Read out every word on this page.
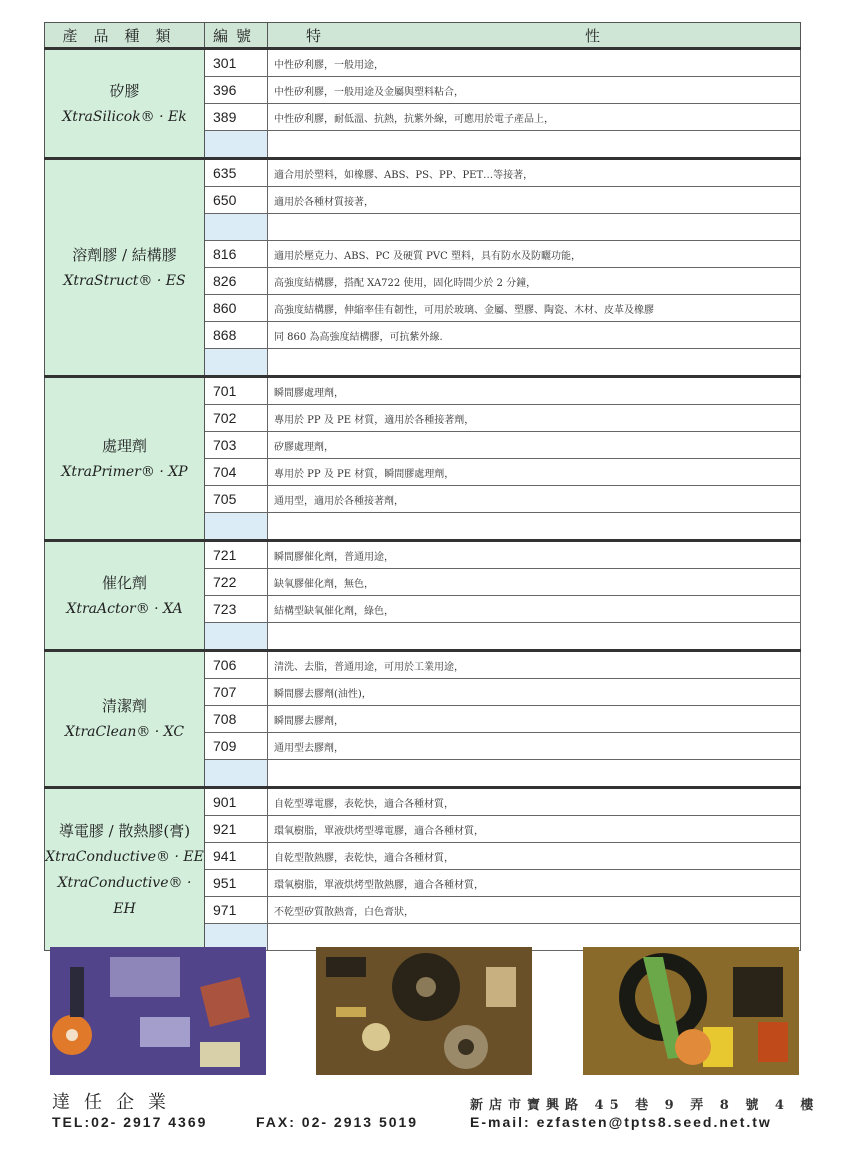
產品種類	編號	特 性

矽膠
XtraSilicok® · Ek	301	中性矽利膠，一般用途，
	396	中性矽利膠，一般用途及金屬與塑料粘合，
	389	中性矽利膠，耐低溫、抗熱，抗紫外線，可應用於電子產品上，

溶劑膠 / 結構膠
XtraStruct® · ES	635	適合用於塑料，如橡膠、ABS、PS、PP、PET…等接著，
	650	適用於各種材質接著，

	816	適用於壓克力、ABS、PC 及硬質 PVC 塑料，具有防水及防曬功能，
	826	高強度結構膠，搭配 XA722 使用，固化時間少於 2 分鐘，
	860	高強度結構膠，伸縮率佳有韌性，可用於玻璃、金屬、塑膠、陶瓷、木材、皮革及橡膠
	868	同 860 為高強度結構膠，可抗紫外線.

處理劑
XtraPrimer® · XP	701	瞬間膠處理劑，
	702	專用於 PP 及 PE 材質，適用於各種接著劑，
	703	矽膠處理劑，
	704	專用於 PP 及 PE 材質，瞬間膠處理劑，
	705	通用型，適用於各種接著劑，

催化劑
XtraActor® · XA	721	瞬間膠催化劑，普通用途，
	722	缺氧膠催化劑，無色，
	723	結構型缺氧催化劑，綠色，

清潔劑
XtraClean® · XC	706	清洗、去脂，普通用途，可用於工業用途，
	707	瞬間膠去膠劑(油性)，
	708	瞬間膠去膠劑，
	709	通用型去膠劑，

導電膠 / 散熱膠(膏)
XtraConductive® · EE
XtraConductive® · EH	901	自乾型導電膠，表乾快，適合各種材質，
	921	環氧樹脂，單液烘烤型導電膠，適合各種材質，
	941	自乾型散熱膠，表乾快，適合各種材質，
	951	環氧樹脂，單液烘烤型散熱膠，適合各種材質，
	971	不乾型矽質散熱膏，白色膏狀，

達任企業	新店市寶興路 45 巷 9 弄 8 號 4 樓
TEL:02- 2917 4369	FAX: 02- 2913 5019	E-mail: ezfasten@tpts8.seed.net.tw
